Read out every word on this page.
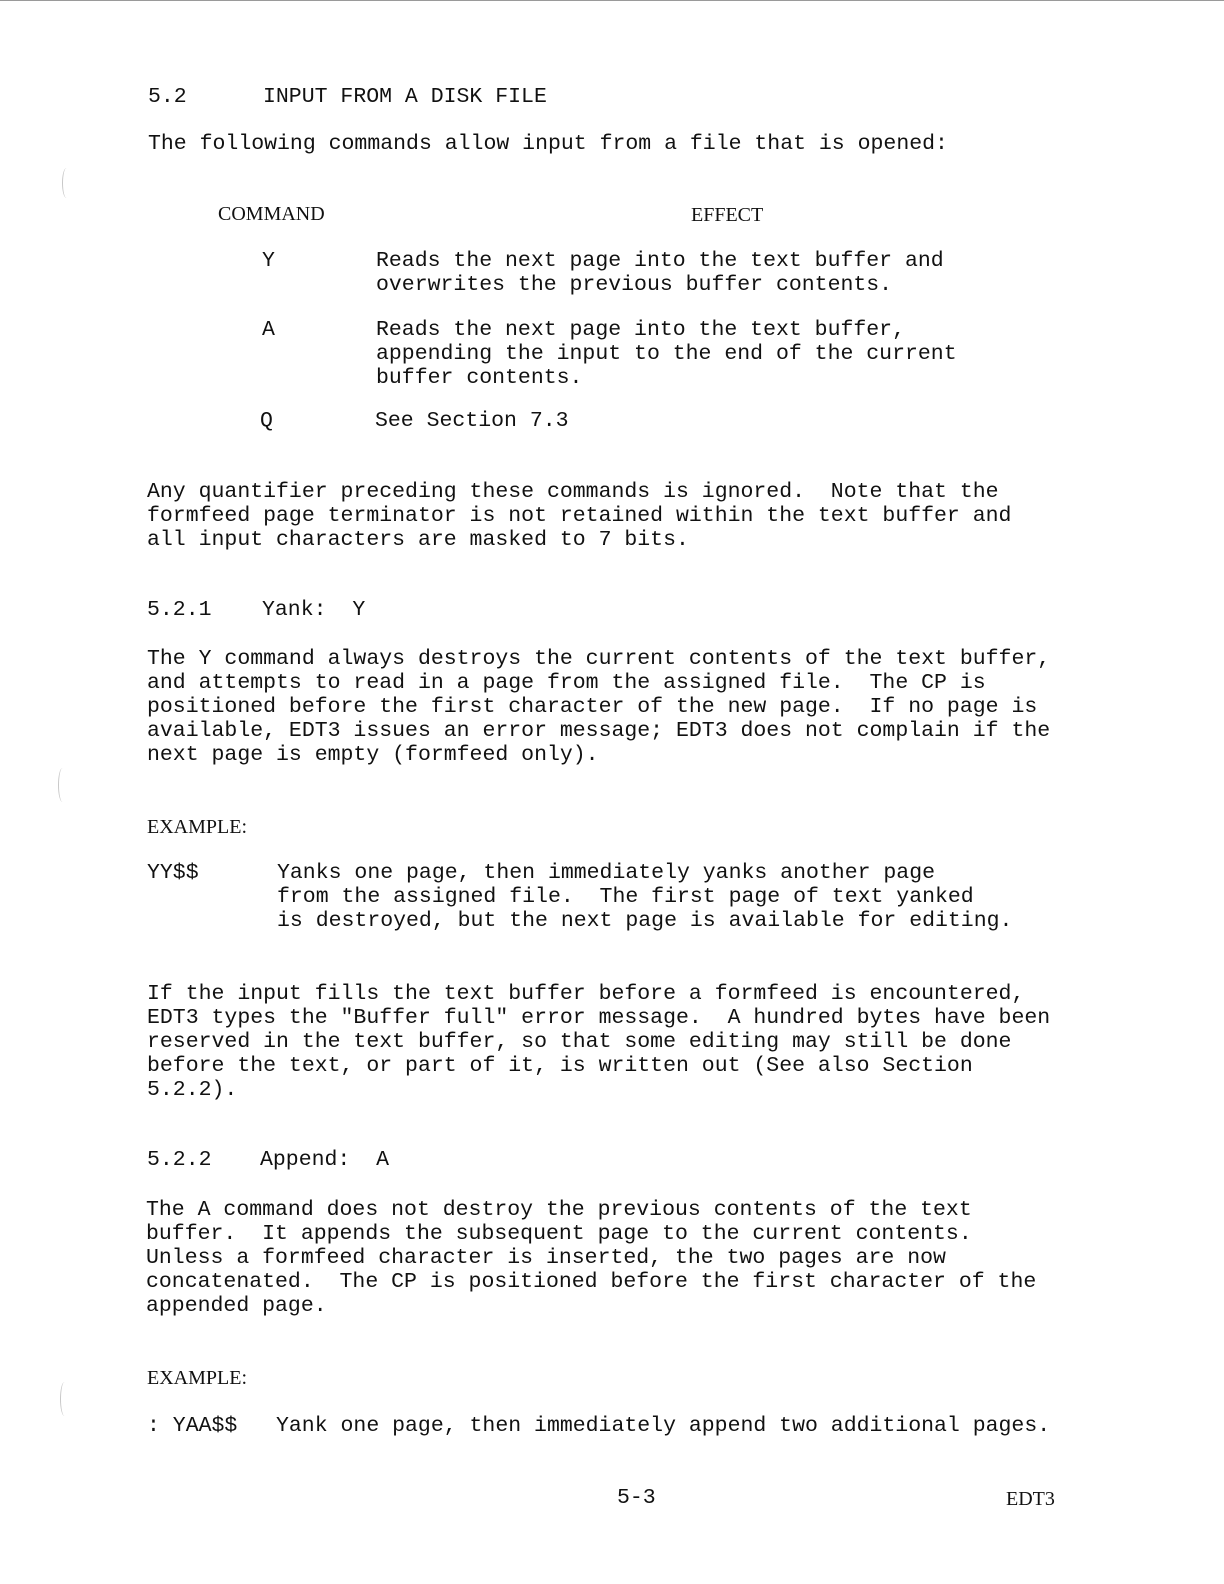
5.2	INPUT FROM A DISK FILE
The following commands allow input from a file that is opened:
COMMAND	EFFECT
Y	Reads the next page into the text buffer and
overwrites the previous buffer contents.
A	Reads the next page into the text buffer,
appending the input to the end of the current
buffer contents.
Q	See Section 7.3
Any quantifier preceding these commands is ignored.  Note that the
formfeed page terminator is not retained within the text buffer and
all input characters are masked to 7 bits.
5.2.1 Yank:  Y
The Y command always destroys the current contents of the text buffer,
and attempts to read in a page from the assigned file.  The CP is
positioned before the first character of the new page.  If no page is
available, EDT3 issues an error message; EDT3 does not complain if the
next page is empty (formfeed only).
EXAMPLE:
YY$$	Yanks one page, then immediately yanks another page
from the assigned file.  The first page of text yanked
is destroyed, but the next page is available for editing.
If the input fills the text buffer before a formfeed is encountered,
EDT3 types the "Buffer full" error message.  A hundred bytes have been
reserved in the text buffer, so that some editing may still be done
before the text, or part of it, is written out (See also Section
5.2.2).
5.2.2 Append:  A
The A command does not destroy the previous contents of the text
buffer.  It appends the subsequent page to the current contents.
Unless a formfeed character is inserted, the two pages are now
concatenated.  The CP is positioned before the first character of the
appended page.
EXAMPLE:
: YAA$$ Yank one page, then immediately append two additional pages.
5-3	EDT3
